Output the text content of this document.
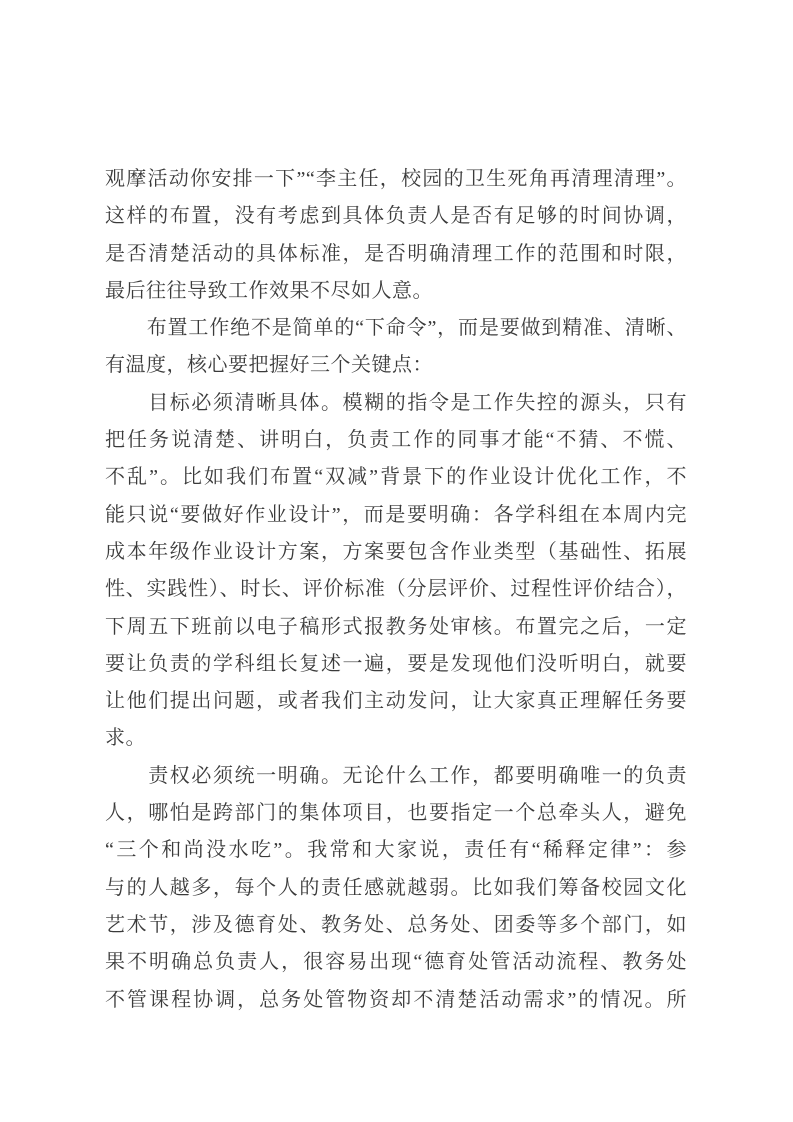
观摩活动你安排一下”“李主任，校园的卫生死角再清理清理”。
这样的布置，没有考虑到具体负责人是否有足够的时间协调，
是否清楚活动的具体标准，是否明确清理工作的范围和时限，
最后往往导致工作效果不尽如人意。
　　布置工作绝不是简单的“下命令”，而是要做到精准、清晰、
有温度，核心要把握好三个关键点：
　　目标必须清晰具体。模糊的指令是工作失控的源头，只有
把任务说清楚、讲明白，负责工作的同事才能“不猜、不慌、
不乱”。比如我们布置“双减”背景下的作业设计优化工作，不
能只说“要做好作业设计”，而是要明确：各学科组在本周内完
成本年级作业设计方案，方案要包含作业类型（基础性、拓展
性、实践性）、时长、评价标准（分层评价、过程性评价结合），
下周五下班前以电子稿形式报教务处审核。布置完之后，一定
要让负责的学科组长复述一遍，要是发现他们没听明白，就要
让他们提出问题，或者我们主动发问，让大家真正理解任务要
求。
　　责权必须统一明确。无论什么工作，都要明确唯一的负责
人，哪怕是跨部门的集体项目，也要指定一个总牵头人，避免
“三个和尚没水吃”。我常和大家说，责任有“稀释定律”：参
与的人越多，每个人的责任感就越弱。比如我们筹备校园文化
艺术节，涉及德育处、教务处、总务处、团委等多个部门，如
果不明确总负责人，很容易出现“德育处管活动流程、教务处
不管课程协调，总务处管物资却不清楚活动需求”的情况。所
